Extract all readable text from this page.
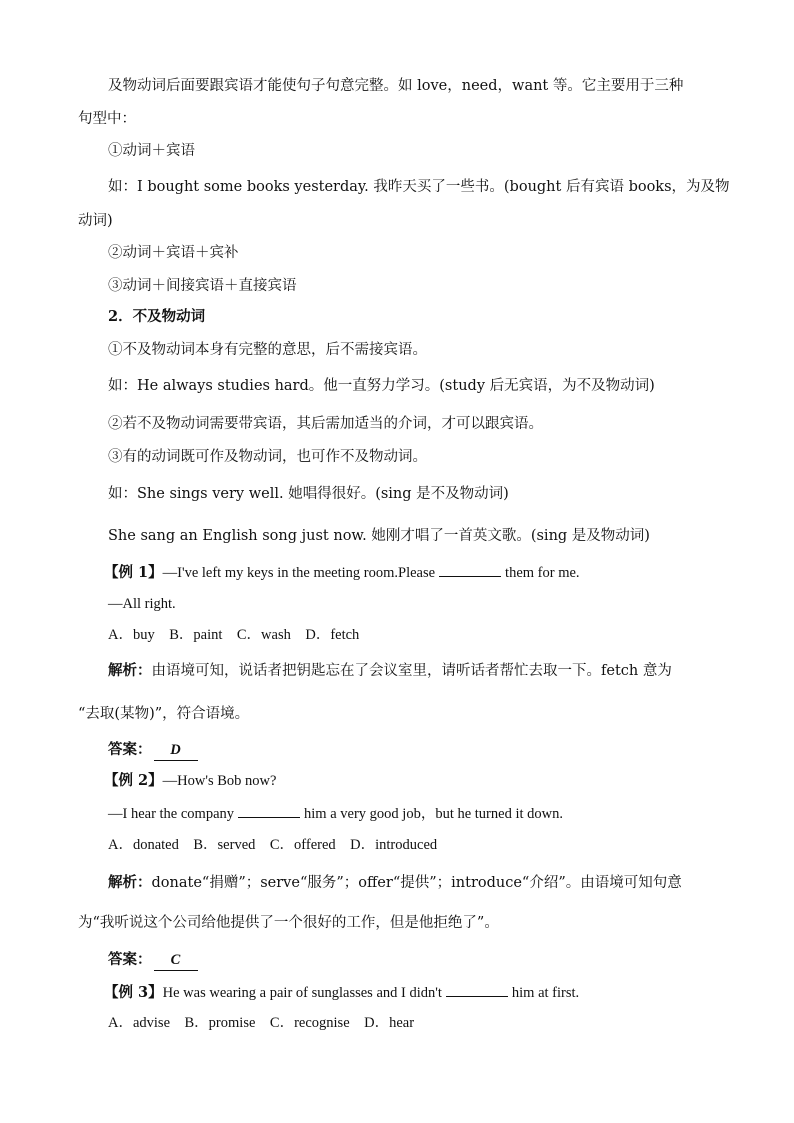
及物动词后面要跟宾语才能使句子句意完整。如 love，need，want 等。它主要用于三种
句型中：
①动词＋宾语
如：I bought some books yesterday. 我昨天买了一些书。(bought 后有宾语 books，为及物
动词)
②动词＋宾语＋宾补
③动词＋间接宾语＋直接宾语
2．不及物动词
①不及物动词本身有完整的意思，后不需接宾语。
如：He always studies hard。他一直努力学习。(study 后无宾语，为不及物动词)
②若不及物动词需要带宾语，其后需加适当的介词，才可以跟宾语。
③有的动词既可作及物动词，也可作不及物动词。
如：She sings very well. 她唱得很好。(sing 是不及物动词)
She sang an English song just now. 她刚才唱了一首英文歌。(sing 是及物动词)
【例 1】—I've left my keys in the meeting room.Please	them for me.
—All right.
A．buy　B．paint　C．wash　D．fetch
解析：由语境可知，说话者把钥匙忘在了会议室里，请听话者帮忙去取一下。fetch 意为
“去取(某物)”，符合语境。
答案： D
【例 2】—How's Bob now?
—I hear the company	him a very good job，but he turned it down.
A．donated　B．served　C．offered　D．introduced
解析：donate“捐赠”；serve“服务”；offer“提供”；introduce“介绍”。由语境可知句意
为“我听说这个公司给他提供了一个很好的工作，但是他拒绝了”。
答案： C
【例 3】He was wearing a pair of sunglasses and I didn't	him at first.
A．advise　B．promise　C．recognise　D．hear
